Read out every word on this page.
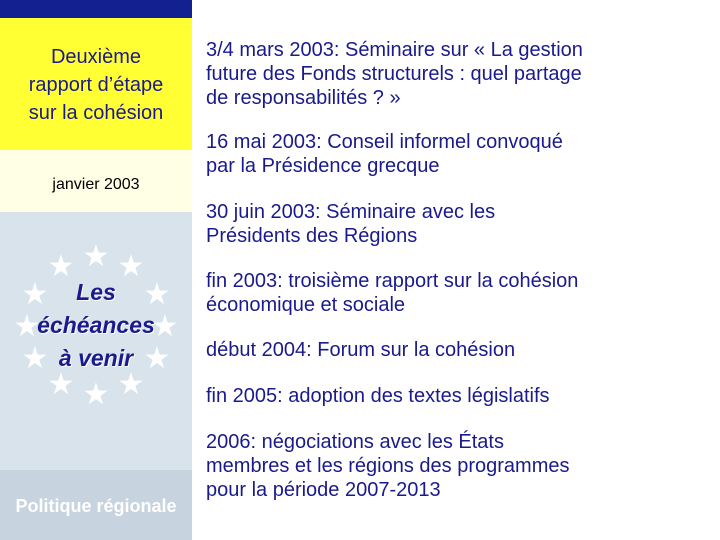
Deuxième
rapport d’étape
sur la cohésion
janvier 2003
★ ★
★
★
★
★
★
★
★
★
★
★
Les
échéances
à venir
Politique régionale
3/4 mars 2003: Séminaire sur « La gestion
future des Fonds structurels : quel partage
de responsabilités ? »
16 mai 2003: Conseil informel convoqué
par la Présidence grecque
30 juin 2003: Séminaire avec les
Présidents des Régions
fin 2003: troisième rapport sur la cohésion
économique et sociale
début 2004: Forum sur la cohésion
fin 2005: adoption des textes législatifs
2006: négociations avec les États
membres et les régions des programmes
pour la période 2007‑2013
